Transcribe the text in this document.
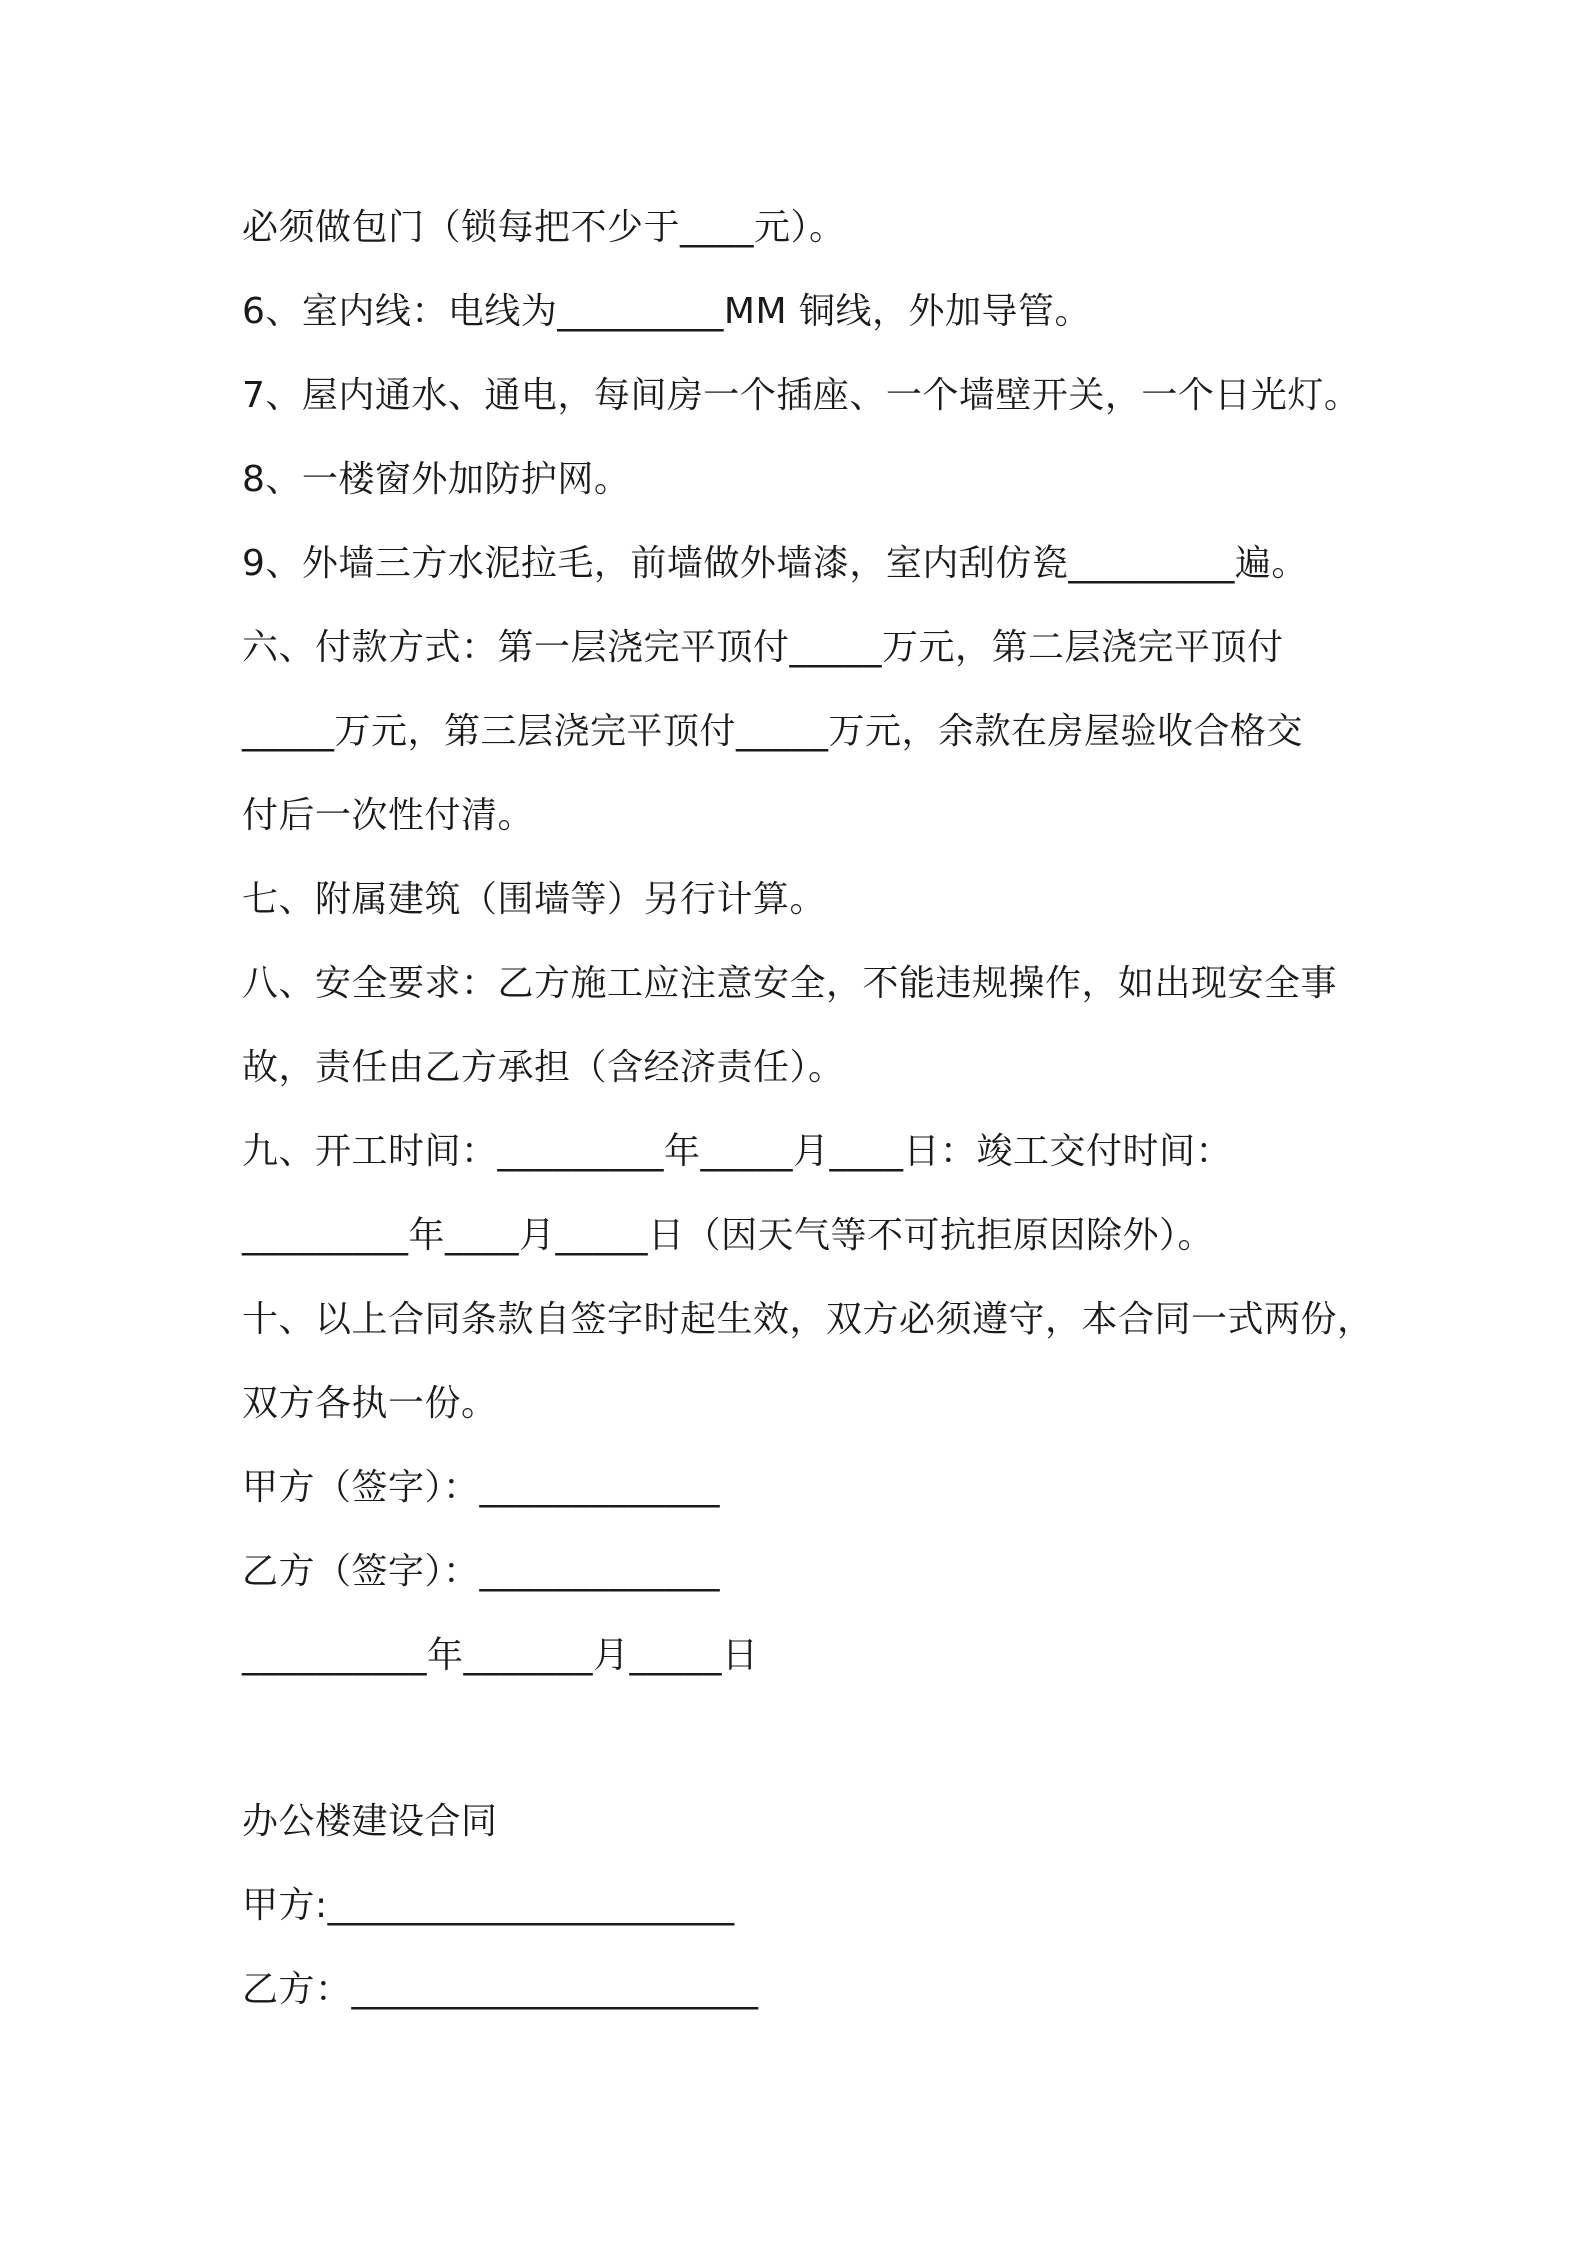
必须做包门（锁每把不少于____元）。
6、室内线：电线为_________MM 铜线，外加导管。
7、屋内通水、通电，每间房一个插座、一个墙壁开关，一个日光灯。
8、一楼窗外加防护网。
9、外墙三方水泥拉毛，前墙做外墙漆，室内刮仿瓷_________遍。
六、付款方式：第一层浇完平顶付_____万元，第二层浇完平顶付
_____万元，第三层浇完平顶付_____万元，余款在房屋验收合格交
付后一次性付清。
七、附属建筑（围墙等）另行计算。
八、安全要求：乙方施工应注意安全，不能违规操作，如出现安全事
故，责任由乙方承担（含经济责任）。
九、开工时间：_________年_____月____日：竣工交付时间：
_________年____月_____日（因天气等不可抗拒原因除外）。
十、以上合同条款自签字时起生效，双方必须遵守，本合同一式两份，
双方各执一份。
甲方（签字）：_____________
乙方（签字）：_____________
__________年_______月_____日
办公楼建设合同
甲方:______________________
乙方：______________________
